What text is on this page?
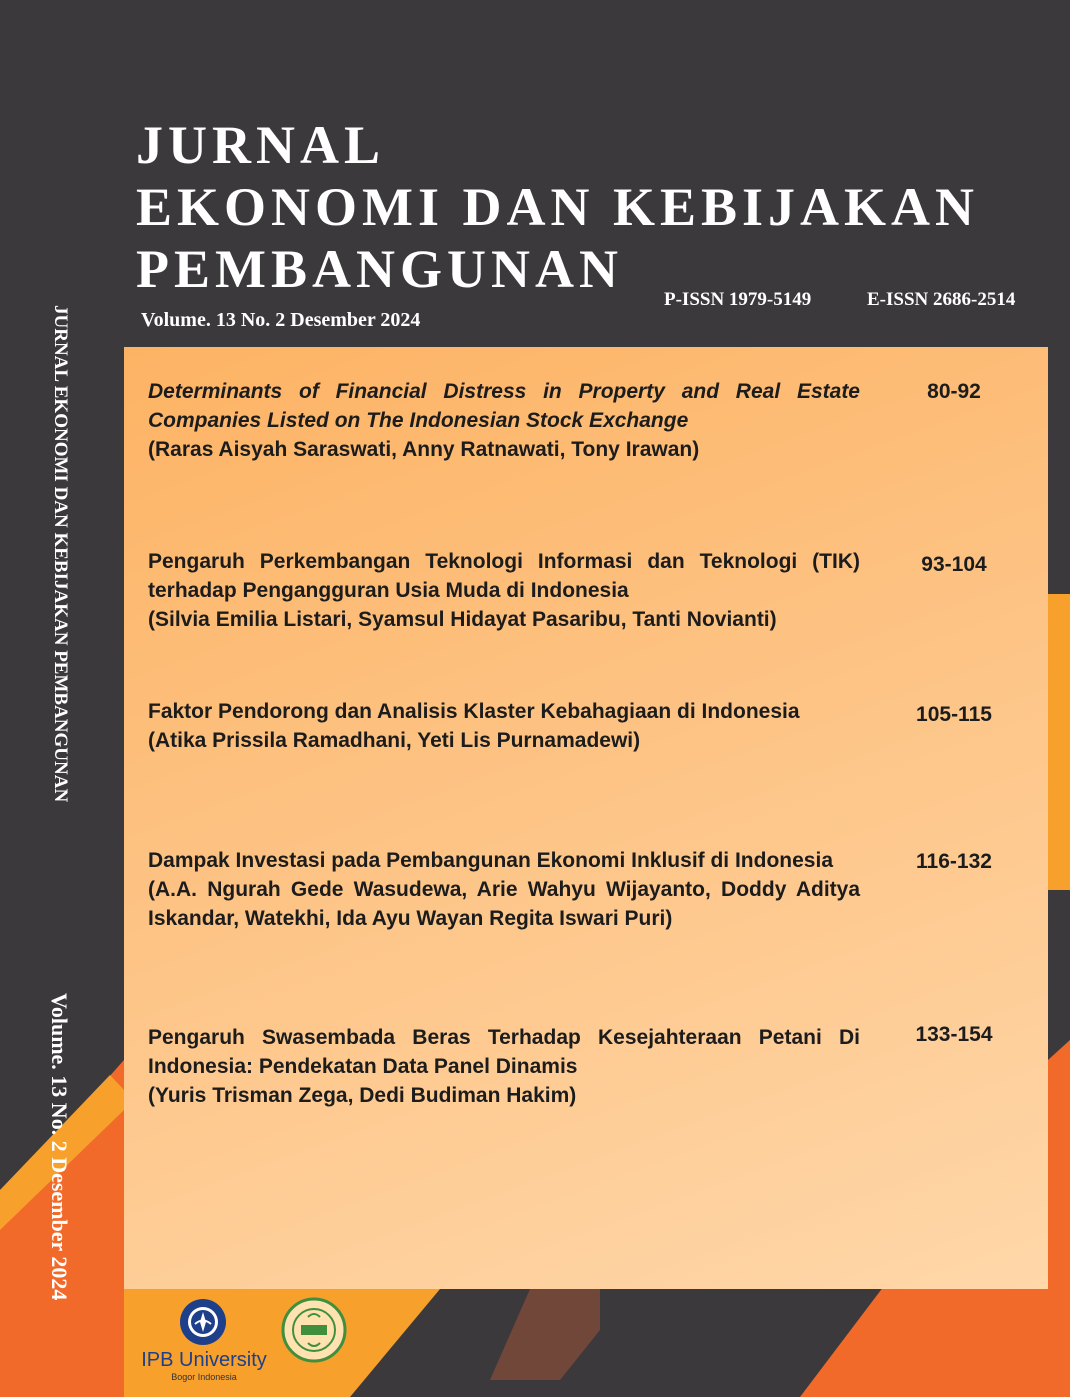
JURNAL
EKONOMI DAN KEBIJAKAN
PEMBANGUNAN
P-ISSN 1979-5149	E-ISSN 2686-2514
Volume. 13 No. 2 Desember 2024
JURNAL EKONOMI DAN KEBIJAKAN PEMBANGUNAN
Volume. 13 No. 2 Desember 2024

Determinants of Financial Distress in Property and Real Estate Companies Listed on The Indonesian Stock Exchange

(Raras Aisyah Saraswati, Anny Ratnawati, Tony Irawan)

Pengaruh Perkembangan Teknologi Informasi dan Teknologi (TIK) terhadap Pengangguran Usia Muda di Indonesia

(Silvia Emilia Listari, Syamsul Hidayat Pasaribu, Tanti Novianti)

Faktor Pendorong dan Analisis Klaster Kebahagiaan di Indonesia

(Atika Prissila Ramadhani, Yeti Lis Purnamadewi)

Dampak Investasi pada Pembangunan Ekonomi Inklusif di Indonesia

(A.A. Ngurah Gede Wasudewa, Arie Wahyu Wijayanto, Doddy Aditya Iskandar, Watekhi, Ida Ayu Wayan Regita Iswari Puri)

Pengaruh Swasembada Beras Terhadap Kesejahteraan Petani Di Indonesia: Pendekatan Data Panel Dinamis

(Yuris Trisman Zega, Dedi Budiman Hakim)

80-92
93-104
105-115
116-132
133-154
IPB University
Bogor Indonesia
